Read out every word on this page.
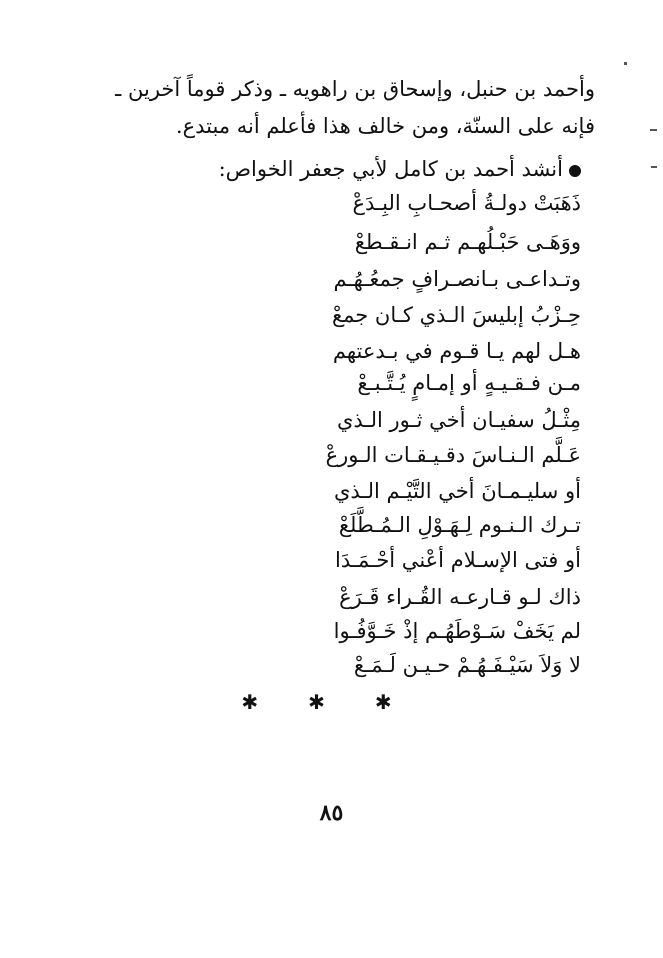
وأحمد بن حنبل، وإسحاق بن راهويه ـ وذكر قوماً آخرين ـ
فإنه على السنّة، ومن خالف هذا فأعلم أنه مبتدع.
أنشد أحمد بن كامل لأبي جعفر الخواص:
ذَهَبَتْ دولـةُ أصحـابِ البِـدَعْ
ووَهَـى حَبْـلُهـم ثـم انـقـطعْ
وتـداعـى بـانصـرافٍ جمعُـهُـم
حِـزْبُ إبليسَ الـذي كـان جمعْ
هـل لهم يـا قـوم في بـدعتهم
مـن فـقـيـهٍ أو إمـامٍ يُـتَّـبـعْ
مِثْـلُ سفيـان أخي ثـور الـذي
عَـلَّم الـنـاسَ دقـيـقـات الـورعْ
أو سليـمـانَ أخي التَّيْـم الـذي
تـرك الـنـوم لِـهَـوْلِ الـمُـطَّلَعْ
أو فتى الإسـلام أعْني أحْـمَـدَا
ذاك لـو قـارعـه القُـراء قَـرَعْ
لم يَخَفْ سَـوْطَهُـم إذْ خَـوَّفُـوا
لا وَلاَ سَيْـفَـهُـمْ حـيـن لَـمَـعْ
✱ ✱ ✱
٨٥
